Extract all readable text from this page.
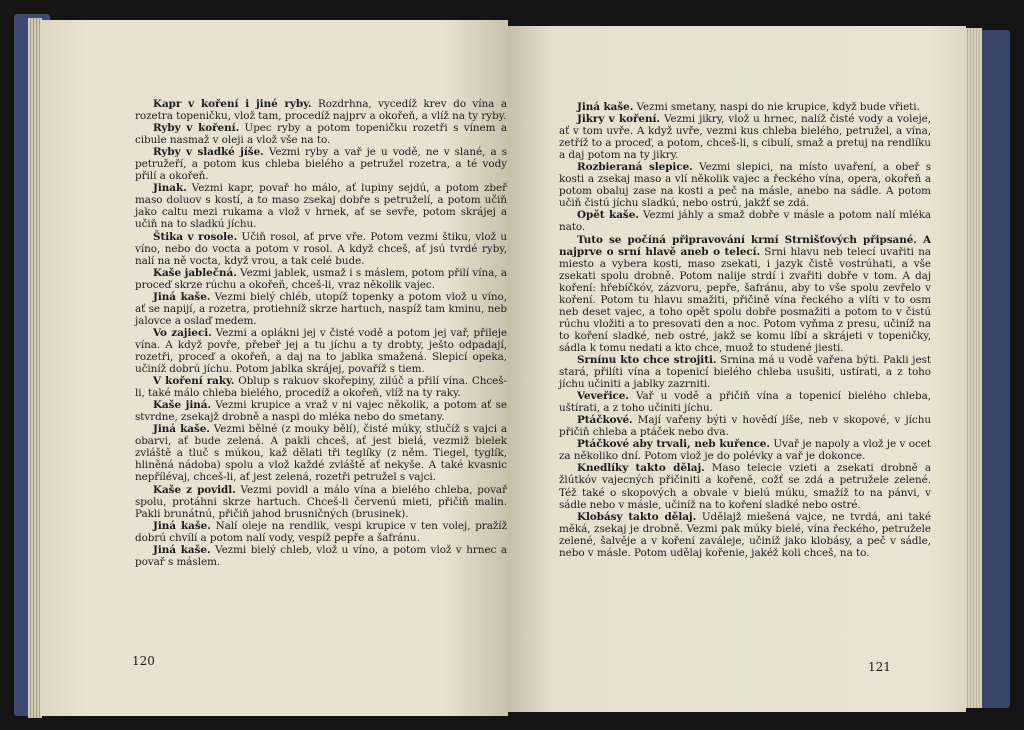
Kapr v koření i jiné ryby. Rozdrhna, vycedíž krev do vína a rozetra topeničku, vlož tam, procedíž najprv a okořeň, a vlíž na ty ryby.

Ryby v koření. Upec ryby a potom topeničku rozetři s vínem a cibule nasmaž v oleji a vlož vše na to.

Ryby v sladké jíše. Vezmi ryby a vař je u vodě, ne v slané, a s petružeří, a potom kus chleba bielého a petružel rozetra, a té vody přilí a okořeň.

Jinak. Vezmi kapr, povař ho málo, ať lupiny sejdú, a potom zbeř maso doluov s kostí, a to maso zsekaj dobře s petruželí, a potom učiň jako caltu mezi rukama a vlož v hrnek, ať se sevře, potom skrájej a učiň na to sladkú jíchu.

Štika v rosole. Učiň rosol, ať prve vře. Potom vezmi štiku, vlož u víno, nebo do vocta a potom v rosol. A když chceš, ať jsú tvrdé ryby, nalí na ně vocta, když vrou, a tak celé bude.

Kaše jablečná. Vezmi jablek, usmaž i s máslem, potom přilí vína, a proceď skrze rúchu a okořeň, chceš-li, vraz několik vajec.

Jiná kaše. Vezmi bielý chléb, utopíž topenky a potom vlož u víno, ať se napijí, a rozetra, protiehníž skrze hartuch, naspíž tam kminu, neb jalovce a oslaď medem.

Vo zajieci. Vezmi a oplákni jej v čisté vodě a potom jej vař, přileje vína. A když povře, přebeř jej a tu jíchu a ty drobty, ješto odpadají, rozetři, proceď a okořeň, a daj na to jablka smažená. Slepicí opeka, učiníž dobrú jíchu. Potom jablka skrájej, povaříž s tiem.

V koření raky. Oblup s rakuov skořepiny, zilúč a přilí vína. Chceš-li, také málo chleba bielého, procedíž a okořeň, vlíž na ty raky.

Kaše jiná. Vezmi krupice a vraž v ni vajec několik, a potom ať se stvrdne, zsekajž drobně a naspi do mléka nebo do smetany.

Jiná kaše. Vezmi bělné (z mouky bělí), čisté múky, stlučíž s vajci a obarvi, ať bude zelená. A pakli chceš, ať jest bielá, vezmiž bielek zvláště a tluč s múkou, kaž dělati tři teglíky (z něm. Tiegel, tyglík, hliněná nádoba) spolu a vlož každé zvláště ať nekyše. A také kvasnic nepřílévaj, chceš-li, ať jest zelená, rozetři petružel s vajci.

Kaše z povidl. Vezmi povidl a málo vína a bielého chleba, povař spolu, protáhni skrze hartuch. Chceš-li červenú mieti, přičiň malin. Pakli brunátnú, přičiň jahod brusničných (brusinek).

Jiná kaše. Nalí oleje na rendlik, vespi krupice v ten volej, pražíž dobrú chvílí a potom nalí vody, vespíž pepře a šafránu.

Jiná kaše. Vezmi bielý chleb, vlož u víno, a potom vlož v hrnec a povař s máslem.

120

Jiná kaše. Vezmi smetany, naspi do nie krupice, když bude vřieti.

Jikry v koření. Vezmi jikry, vlož u hrnec, nalíž čisté vody a voleje, ať v tom uvře. A když uvře, vezmi kus chleba bielého, petružel, a vína, zetříž to a proceď, a potom, chceš-li, s cibulí, smaž a pretuj na rendlíku a daj potom na ty jikry.

Rozbieraná slepice. Vezmi slepici, na místo uvaření, a obeř s kosti a zsekaj maso a vlí několik vajec a řeckého vína, opera, okořeň a potom obaluj zase na kosti a peč na másle, anebo na sádle. A potom učiň čistú jíchu sladkú, nebo ostrú, jakžť se zdá.

Opět kaše. Vezmi jáhly a smaž dobře v másle a potom nalí mléka nato.

Tuto se počíná připravování krmí Strnišťových připsané. A najprve o srní hlavě aneb o telecí. Srni hlavu neb telecí uvařiti na miesto a vybera kosti, maso zsekati, i jazyk čistě vostrúhati, a vše zsekati spolu drobně. Potom nalije strdí i zvařiti dobře v tom. A daj koření: hřebíčkóv, zázvoru, pepře, šafránu, aby to vše spolu zevřelo v koření. Potom tu hlavu smažiti, přičině vína řeckého a vlíti v to osm neb deset vajec, a toho opět spolu dobře posmažiti a potom to v čistú rúchu vložiti a to presovati den a noc. Potom vyňma z presu, učiníž na to koření sladké, neb ostré, jakž se komu líbí a skrájeti v topeničky, sádla k tomu nedati a kto chce, muož to studené jiesti.

Srnínu kto chce strojiti. Srnina má u vodě vařena býti. Pakli jest stará, přilíti vína a topenicí bielého chleba usušiti, ustírati, a z toho jíchu učiniti a jablky zazrniti.

Veveřice. Vař u vodě a přičiň vína a topenicí bielého chleba, uštírati, a z toho učiniti jíchu.

Ptáčkové. Mají vařeny býti v hovědí jíše, neb v skopové, v jíchu přičiň chleba a ptáček nebo dva.

Ptáčkové aby trvali, neb kuřence. Uvař je napoly a vlož je v ocet za několiko dní. Potom vlož je do polévky a vař je dokonce.

Knedlíky takto dělaj. Maso telecie vzieti a zsekati drobně a žlútkóv vajecných přičiniti a kořeně, cožť se zdá a petružele zelené. Též také o skopových a obvale v bielú múku, smažíž to na pánvi, v sádle nebo v másle, učiníž na to koření sladké nebo ostré.

Klobásy takto dělaj. Udělajž miešená vajce, ne tvrdá, ani také měká, zsekaj je drobně. Vezmi pak múky bielé, vína řeckého, petružele zelené, šalvěje a v koření zaváleje, učiníž jako klobásy, a peč v sádle, nebo v másle. Potom udělaj kořenie, jakéž koli chceš, na to.

121
